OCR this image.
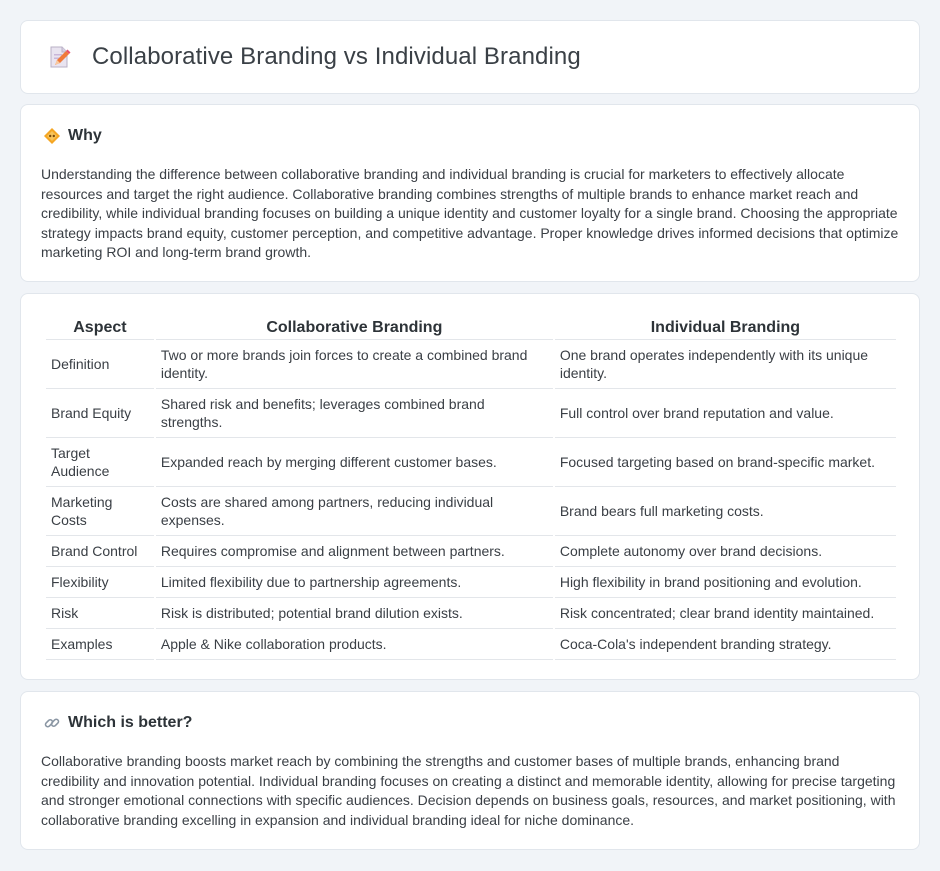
Collaborative Branding vs Individual Branding
Why

Understanding the difference between collaborative branding and individual branding is crucial for marketers to effectively allocate resources and target the right audience. Collaborative branding combines strengths of multiple brands to enhance market reach and credibility, while individual branding focuses on building a unique identity and customer loyalty for a single brand. Choosing the appropriate strategy impacts brand equity, customer perception, and competitive advantage. Proper knowledge drives informed decisions that optimize marketing ROI and long-term brand growth.

Aspect	Collaborative Branding	Individual Branding
Definition	Two or more brands join forces to create a combined brand identity.	One brand operates independently with its unique identity.
Brand Equity	Shared risk and benefits; leverages combined brand strengths.	Full control over brand reputation and value.
Target Audience	Expanded reach by merging different customer bases.	Focused targeting based on brand-specific market.
Marketing Costs	Costs are shared among partners, reducing individual expenses.	Brand bears full marketing costs.
Brand Control	Requires compromise and alignment between partners.	Complete autonomy over brand decisions.
Flexibility	Limited flexibility due to partnership agreements.	High flexibility in brand positioning and evolution.
Risk	Risk is distributed; potential brand dilution exists.	Risk concentrated; clear brand identity maintained.
Examples	Apple & Nike collaboration products.	Coca-Cola's independent branding strategy.
Which is better?

Collaborative branding boosts market reach by combining the strengths and customer bases of multiple brands, enhancing brand credibility and innovation potential. Individual branding focuses on creating a distinct and memorable identity, allowing for precise targeting and stronger emotional connections with specific audiences. Decision depends on business goals, resources, and market positioning, with collaborative branding excelling in expansion and individual branding ideal for niche dominance.
